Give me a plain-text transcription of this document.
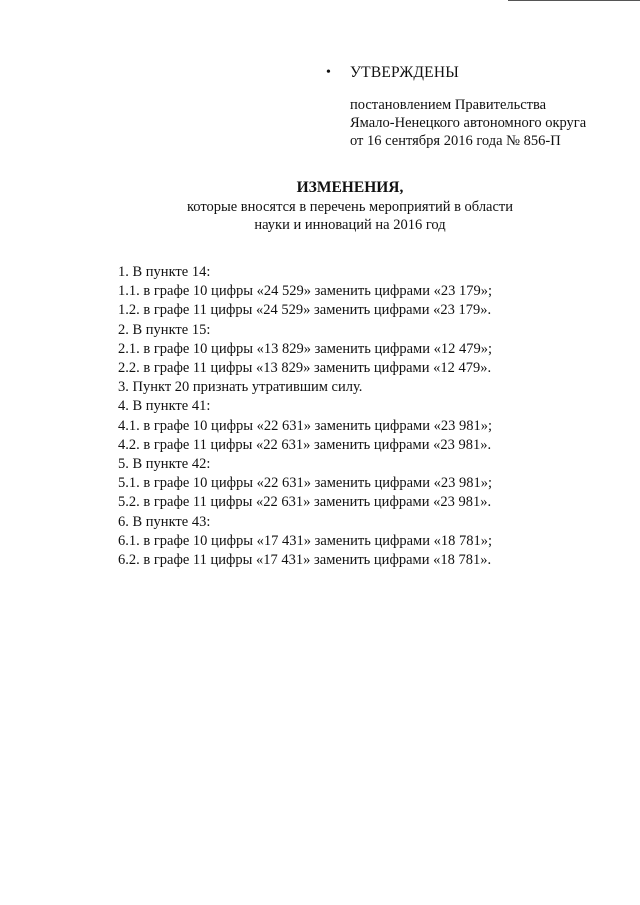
• УТВЕРЖДЕНЫ
постановлением Правительства
Ямало-Ненецкого автономного округа
от 16 сентября 2016 года № 856-П
ИЗМЕНЕНИЯ,
которые вносятся в перечень мероприятий в области
науки и инноваций на 2016 год
1. В пункте 14:
1.1. в графе 10 цифры «24 529» заменить цифрами «23 179»;
1.2. в графе 11 цифры «24 529» заменить цифрами «23 179».
2. В пункте 15:
2.1. в графе 10 цифры «13 829» заменить цифрами «12 479»;
2.2. в графе 11 цифры «13 829» заменить цифрами «12 479».
3. Пункт 20 признать утратившим силу.
4. В пункте 41:
4.1. в графе 10 цифры «22 631» заменить цифрами «23 981»;
4.2. в графе 11 цифры «22 631» заменить цифрами «23 981».
5. В пункте 42:
5.1. в графе 10 цифры «22 631» заменить цифрами «23 981»;
5.2. в графе 11 цифры «22 631» заменить цифрами «23 981».
6. В пункте 43:
6.1. в графе 10 цифры «17 431» заменить цифрами «18 781»;
6.2. в графе 11 цифры «17 431» заменить цифрами «18 781».
